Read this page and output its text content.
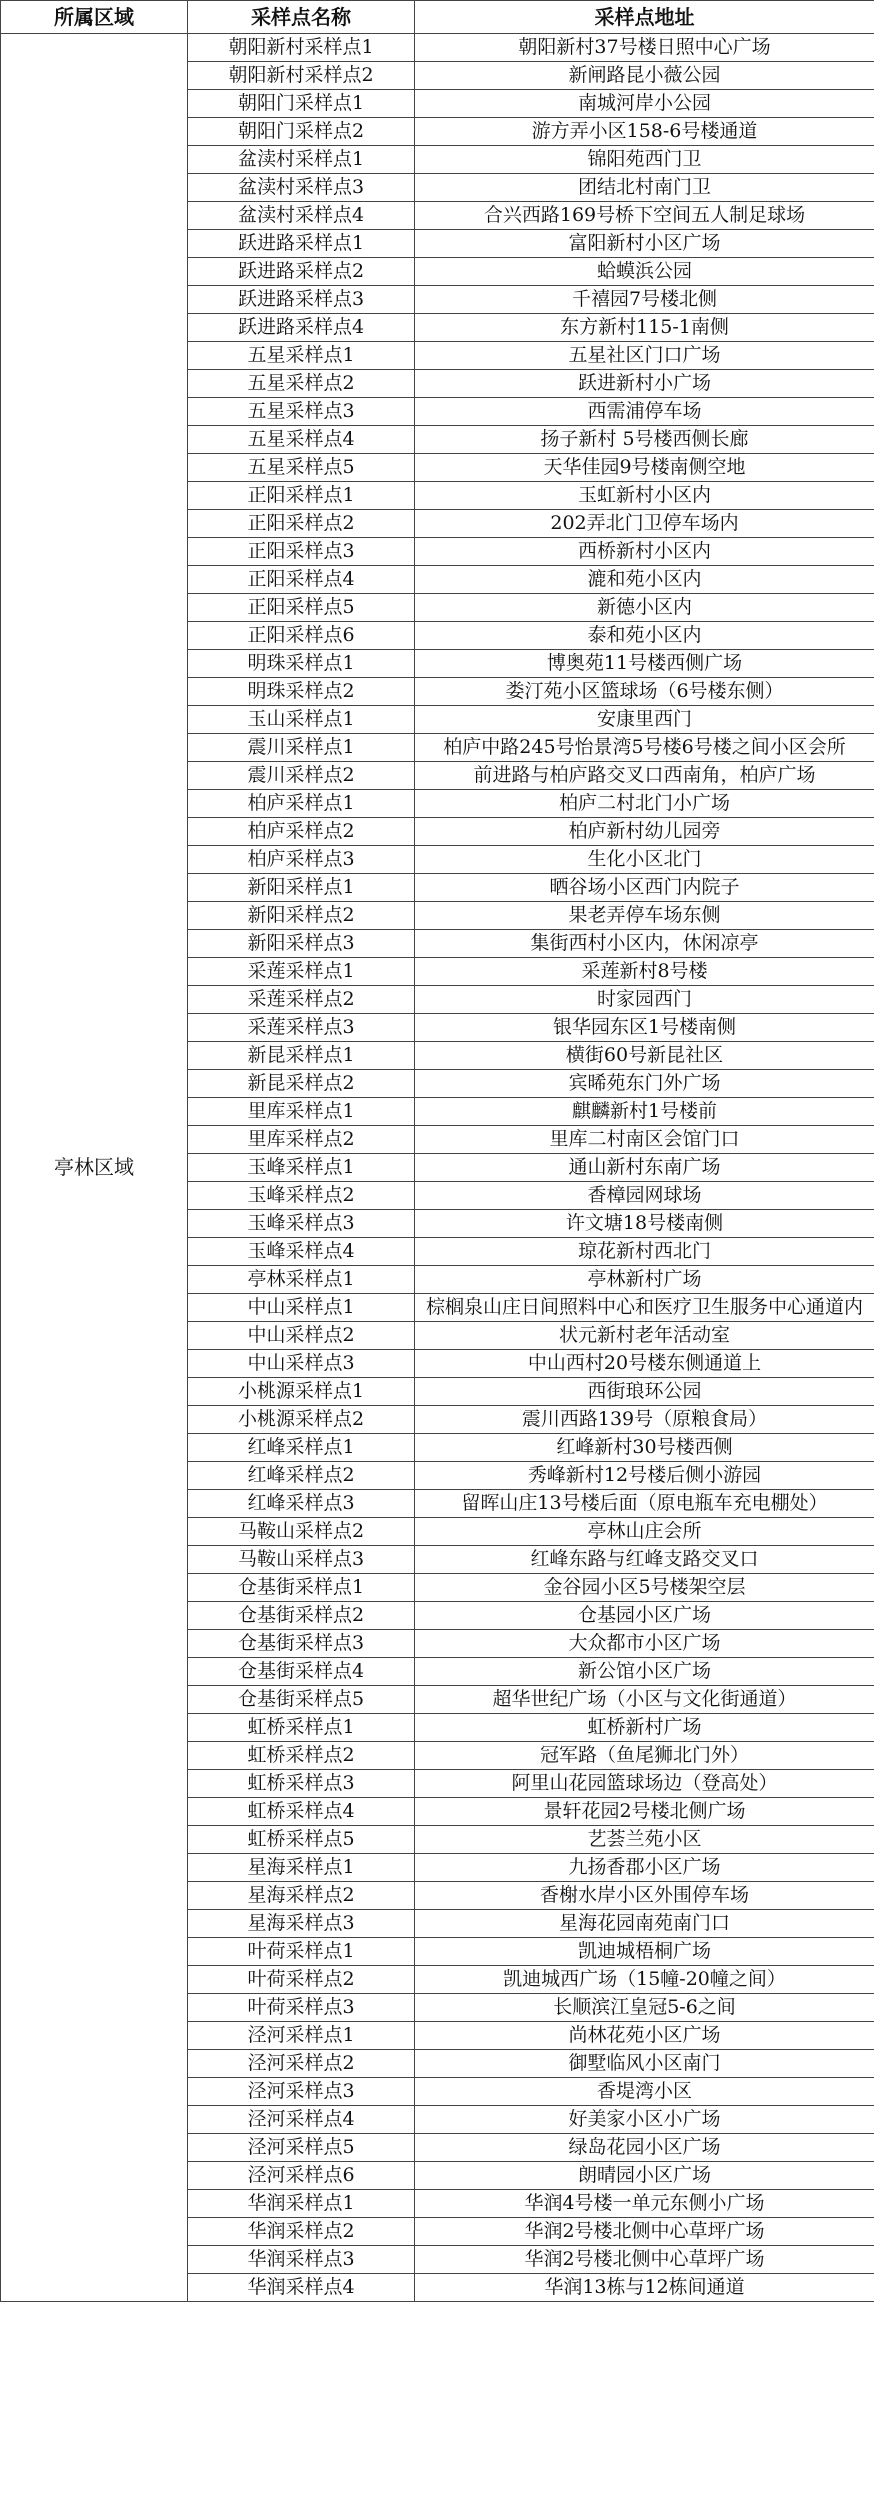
所属区域	采样点名称	采样点地址
亭林区域	朝阳新村采样点1	朝阳新村37号楼日照中心广场
	朝阳新村采样点2	新闸路昆小薇公园
	朝阳门采样点1	南城河岸小公园
	朝阳门采样点2	游方弄小区158-6号楼通道
	盆渎村采样点1	锦阳苑西门卫
	盆渎村采样点3	团结北村南门卫
	盆渎村采样点4	合兴西路169号桥下空间五人制足球场
	跃进路采样点1	富阳新村小区广场
	跃进路采样点2	蛤蟆浜公园
	跃进路采样点3	千禧园7号楼北侧
	跃进路采样点4	东方新村115-1南侧
	五星采样点1	五星社区门口广场
	五星采样点2	跃进新村小广场
	五星采样点3	西需浦停车场
	五星采样点4	扬子新村 5号楼西侧长廊
	五星采样点5	天华佳园9号楼南侧空地
	正阳采样点1	玉虹新村小区内
	正阳采样点2	202弄北门卫停车场内
	正阳采样点3	西桥新村小区内
	正阳采样点4	漉和苑小区内
	正阳采样点5	新德小区内
	正阳采样点6	泰和苑小区内
	明珠采样点1	博奥苑11号楼西侧广场
	明珠采样点2	娄汀苑小区篮球场（6号楼东侧）
	玉山采样点1	安康里西门
	震川采样点1	柏庐中路245号怡景湾5号楼6号楼之间小区会所
	震川采样点2	前进路与柏庐路交叉口西南角，柏庐广场
	柏庐采样点1	柏庐二村北门小广场
	柏庐采样点2	柏庐新村幼儿园旁
	柏庐采样点3	生化小区北门
	新阳采样点1	晒谷场小区西门内院子
	新阳采样点2	果老弄停车场东侧
	新阳采样点3	集街西村小区内，休闲凉亭
	采莲采样点1	采莲新村8号楼
	采莲采样点2	时家园西门
	采莲采样点3	银华园东区1号楼南侧
	新昆采样点1	横街60号新昆社区
	新昆采样点2	宾晞苑东门外广场
	里库采样点1	麒麟新村1号楼前
	里库采样点2	里库二村南区会馆门口
	玉峰采样点1	通山新村东南广场
	玉峰采样点2	香樟园网球场
	玉峰采样点3	许文塘18号楼南侧
	玉峰采样点4	琼花新村西北门
	亭林采样点1	亭林新村广场
	中山采样点1	棕榈泉山庄日间照料中心和医疗卫生服务中心通道内
	中山采样点2	状元新村老年活动室
	中山采样点3	中山西村20号楼东侧通道上
	小桃源采样点1	西街琅环公园
	小桃源采样点2	震川西路139号（原粮食局）
	红峰采样点1	红峰新村30号楼西侧
	红峰采样点2	秀峰新村12号楼后侧小游园
	红峰采样点3	留晖山庄13号楼后面（原电瓶车充电棚处）
	马鞍山采样点2	亭林山庄会所
	马鞍山采样点3	红峰东路与红峰支路交叉口
	仓基街采样点1	金谷园小区5号楼架空层
	仓基街采样点2	仓基园小区广场
	仓基街采样点3	大众都市小区广场
	仓基街采样点4	新公馆小区广场
	仓基街采样点5	超华世纪广场（小区与文化街通道）
	虹桥采样点1	虹桥新村广场
	虹桥采样点2	冠军路（鱼尾狮北门外）
	虹桥采样点3	阿里山花园篮球场边（登高处）
	虹桥采样点4	景轩花园2号楼北侧广场
	虹桥采样点5	艺荟兰苑小区
	星海采样点1	九扬香郡小区广场
	星海采样点2	香榭水岸小区外围停车场
	星海采样点3	星海花园南苑南门口
	叶荷采样点1	凯迪城梧桐广场
	叶荷采样点2	凯迪城西广场（15幢-20幢之间）
	叶荷采样点3	长顺滨江皇冠5-6之间
	泾河采样点1	尚林花苑小区广场
	泾河采样点2	御墅临风小区南门
	泾河采样点3	香堤湾小区
	泾河采样点4	好美家小区小广场
	泾河采样点5	绿岛花园小区广场
	泾河采样点6	朗晴园小区广场
	华润采样点1	华润4号楼一单元东侧小广场
	华润采样点2	华润2号楼北侧中心草坪广场
	华润采样点3	华润2号楼北侧中心草坪广场
	华润采样点4	华润13栋与12栋间通道
